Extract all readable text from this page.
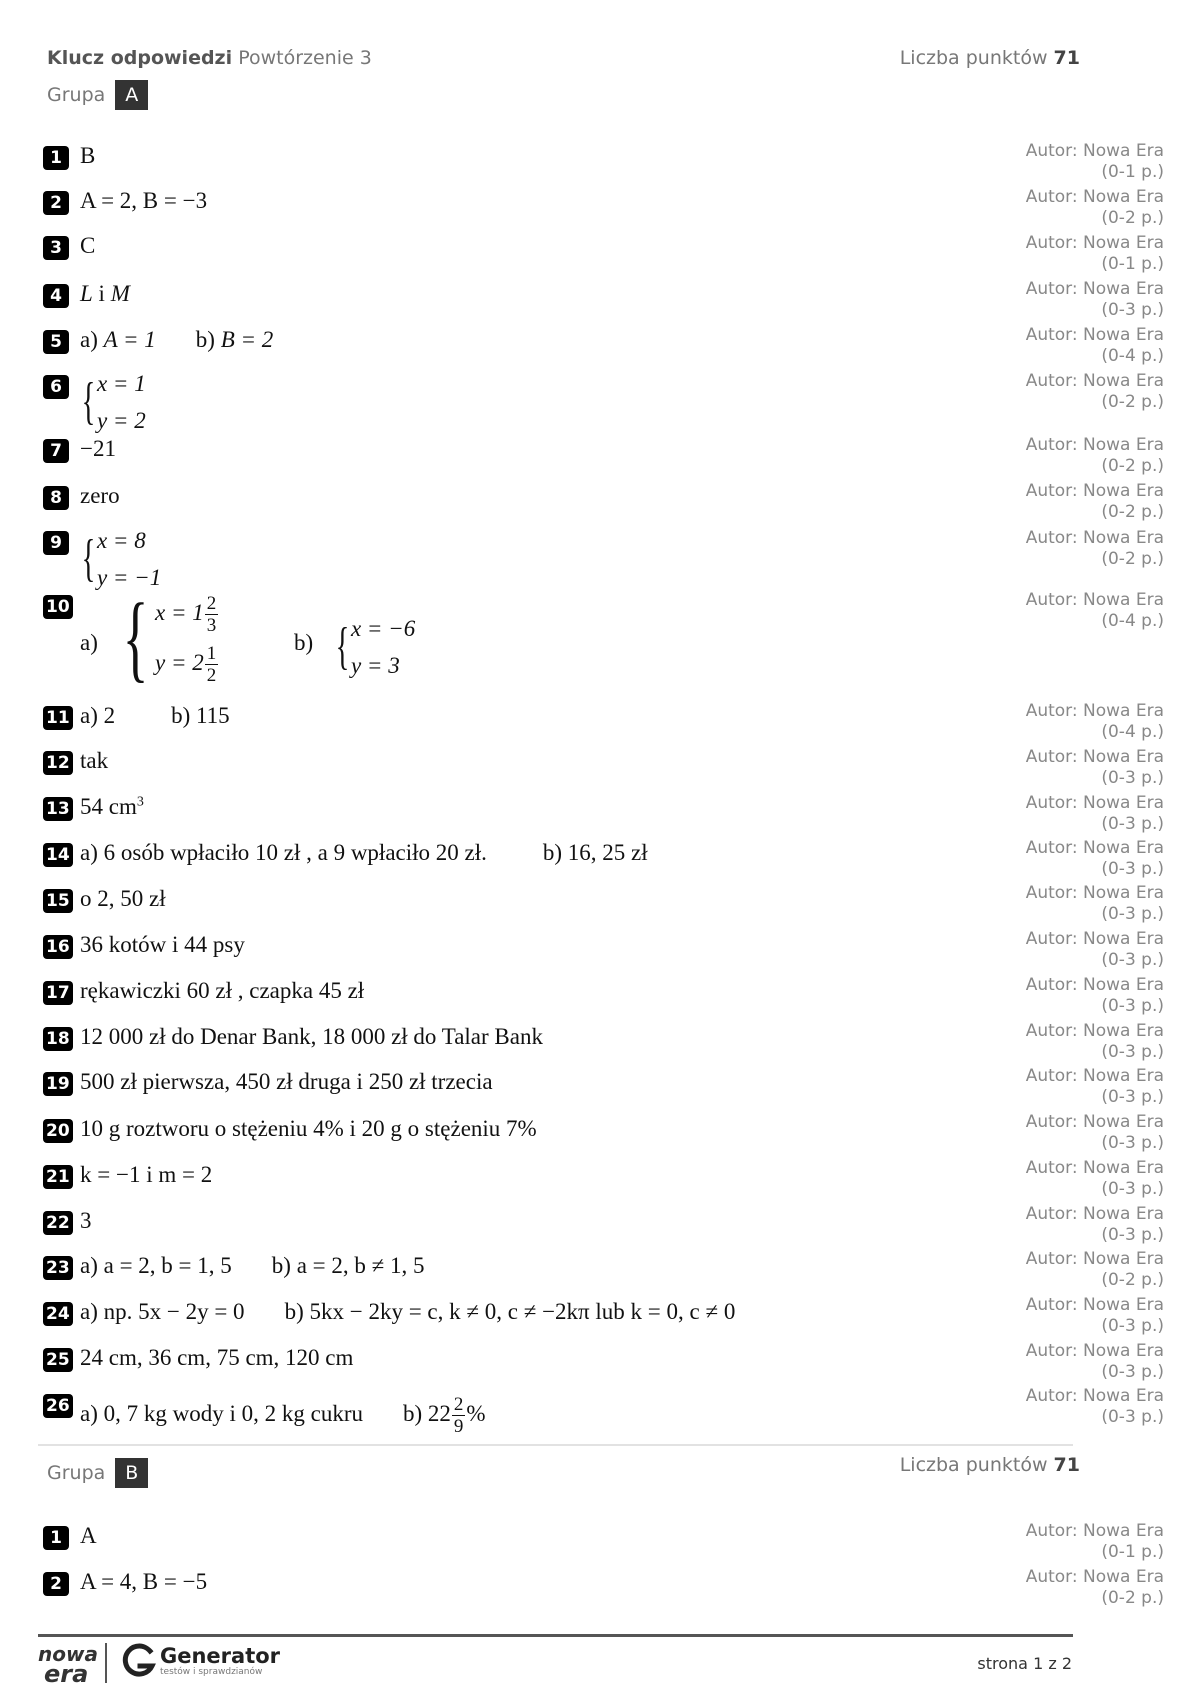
Klucz odpowiedzi Powtórzenie 3	Liczba punktów 71
Grupa	A
1 B	Autor: Nowa Era
(0-1 p.)
2 A = 2, B = −3	Autor: Nowa Era
(0-2 p.)
3 C	Autor: Nowa Era
(0-1 p.)
4 L i M	Autor: Nowa Era
(0-3 p.)
5 a) A = 1 b) B = 2	Autor: Nowa Era
(0-4 p.)
6 { x = 1
y = 2
Autor: Nowa Era
(0-2 p.)
7 −21	Autor: Nowa Era
(0-2 p.)
8 zero	Autor: Nowa Era
(0-2 p.)
9 { x = 8
y = −1
Autor: Nowa Era
(0-2 p.)
10
a) { $x = 1 \frac{2}{3}$
$y = 2 \frac{1}{2}$
b) { x = −6
y = 3
Autor: Nowa Era
(0-4 p.)
11 a) 2 b) 115	Autor: Nowa Era
(0-4 p.)
12 tak	Autor: Nowa Era
(0-3 p.)
13 54 $cm^3$	Autor: Nowa Era
(0-3 p.)
14 a) 6 osób wpłaciło 10 zł , a 9 wpłaciło 20 zł. b) 16, 25 zł	Autor: Nowa Era
(0-3 p.)
15 o 2, 50 zł	Autor: Nowa Era
(0-3 p.)
16 36 kotów i 44 psy	Autor: Nowa Era
(0-3 p.)
17 rękawiczki 60 zł , czapka 45 zł	Autor: Nowa Era
(0-3 p.)
18 12 000 zł do Denar Bank, 18 000 zł do Talar Bank	Autor: Nowa Era
(0-3 p.)
19 500 zł pierwsza, 450 zł druga i 250 zł trzecia	Autor: Nowa Era
(0-3 p.)
20 10 g roztworu o stężeniu 4% i 20 g o stężeniu 7%	Autor: Nowa Era
(0-3 p.)
21 k = −1 i m = 2	Autor: Nowa Era
(0-3 p.)
22 3	Autor: Nowa Era
(0-3 p.)
23 a) a = 2, b = 1, 5 b) a = 2, b ≠ 1, 5	Autor: Nowa Era
(0-2 p.)
24 a) np. 5x − 2y = 0 b) 5kx − 2ky = c, k ≠ 0, c ≠ −2kπ lub k = 0, c ≠ 0	Autor: Nowa Era
(0-3 p.)
25 24 cm, 36 cm, 75 cm, 120 cm	Autor: Nowa Era
(0-3 p.)
26 a) 0, 7 kg wody i 0, 2 kg cukru b) $22 \frac{2}{9}$ %
Autor: Nowa Era
(0-3 p.)
Grupa	B	Liczba punktów 71
1 A	Autor: Nowa Era
(0-1 p.)
2 A = 4, B = −5	Autor: Nowa Era
(0-2 p.)
nowa
era
Generator
testów i sprawdzianów	strona 1 z 2
